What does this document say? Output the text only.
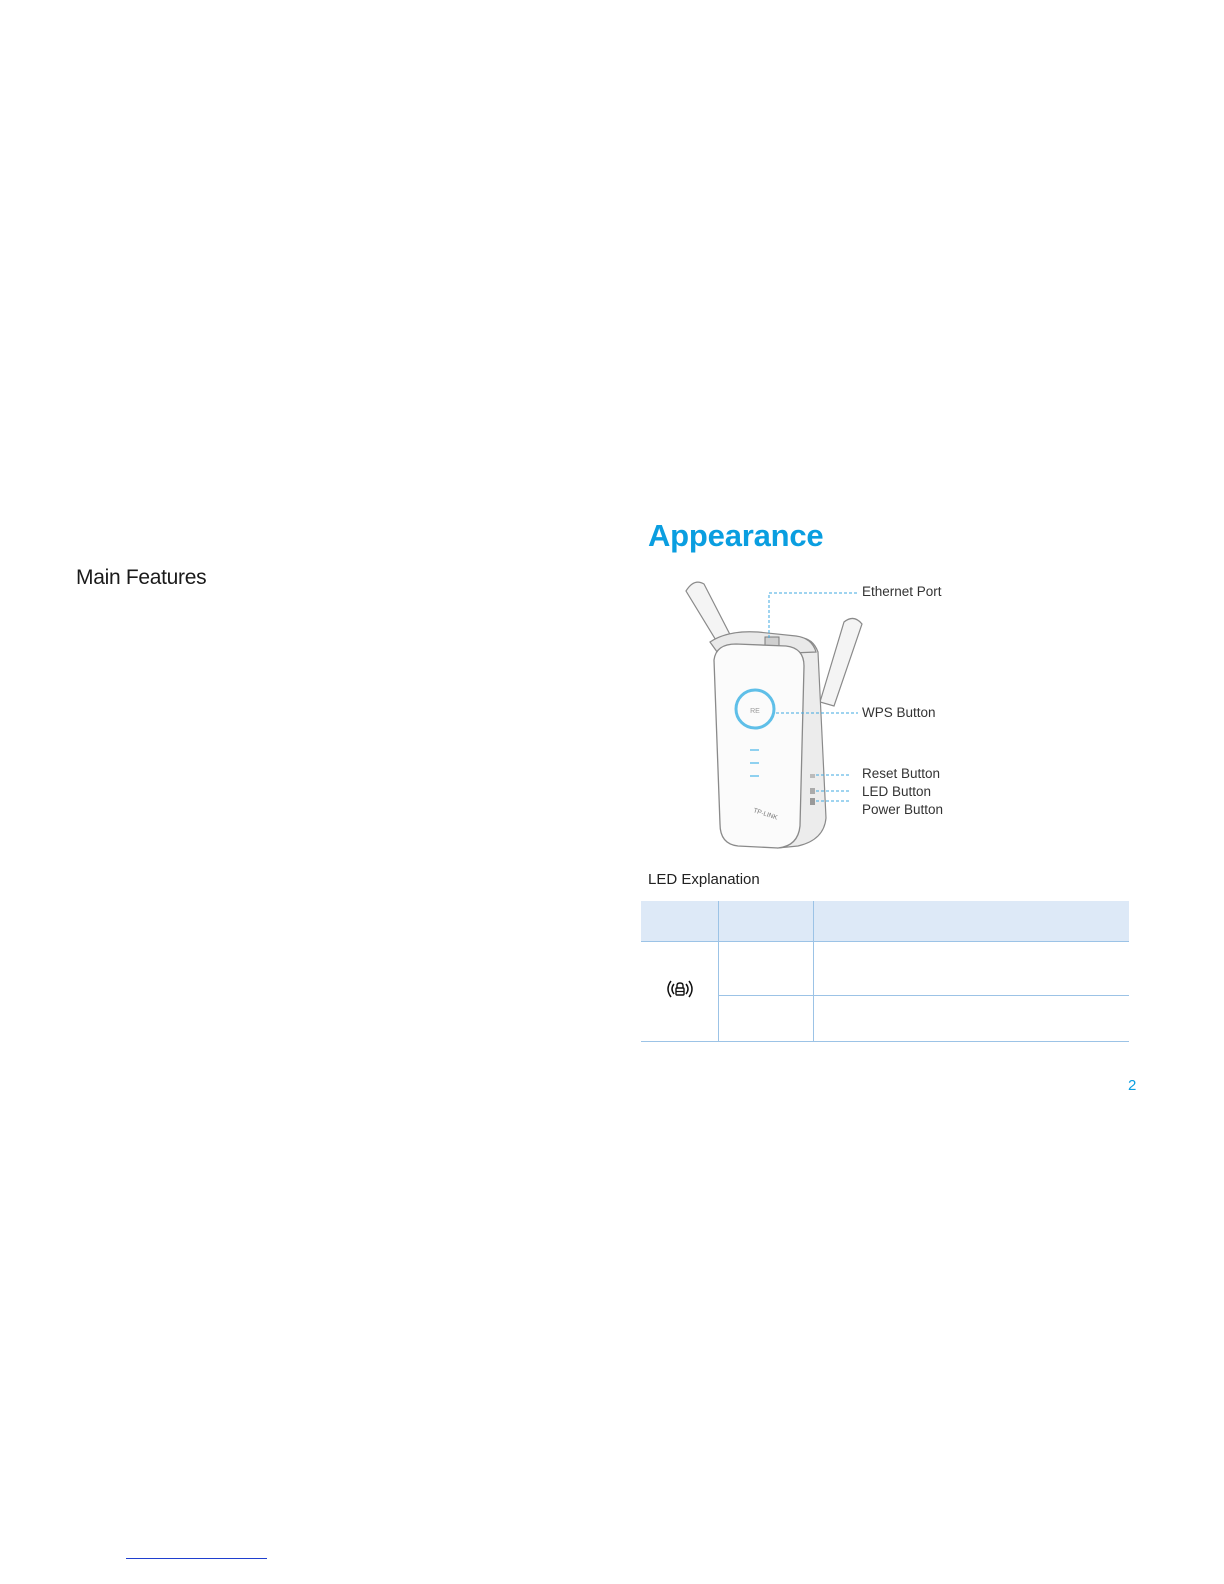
Main Features
Appearance
RE
TP-LINK
Ethernet Port
WPS Button
Reset Button
LED Button
Power Button
LED Explanation

2
